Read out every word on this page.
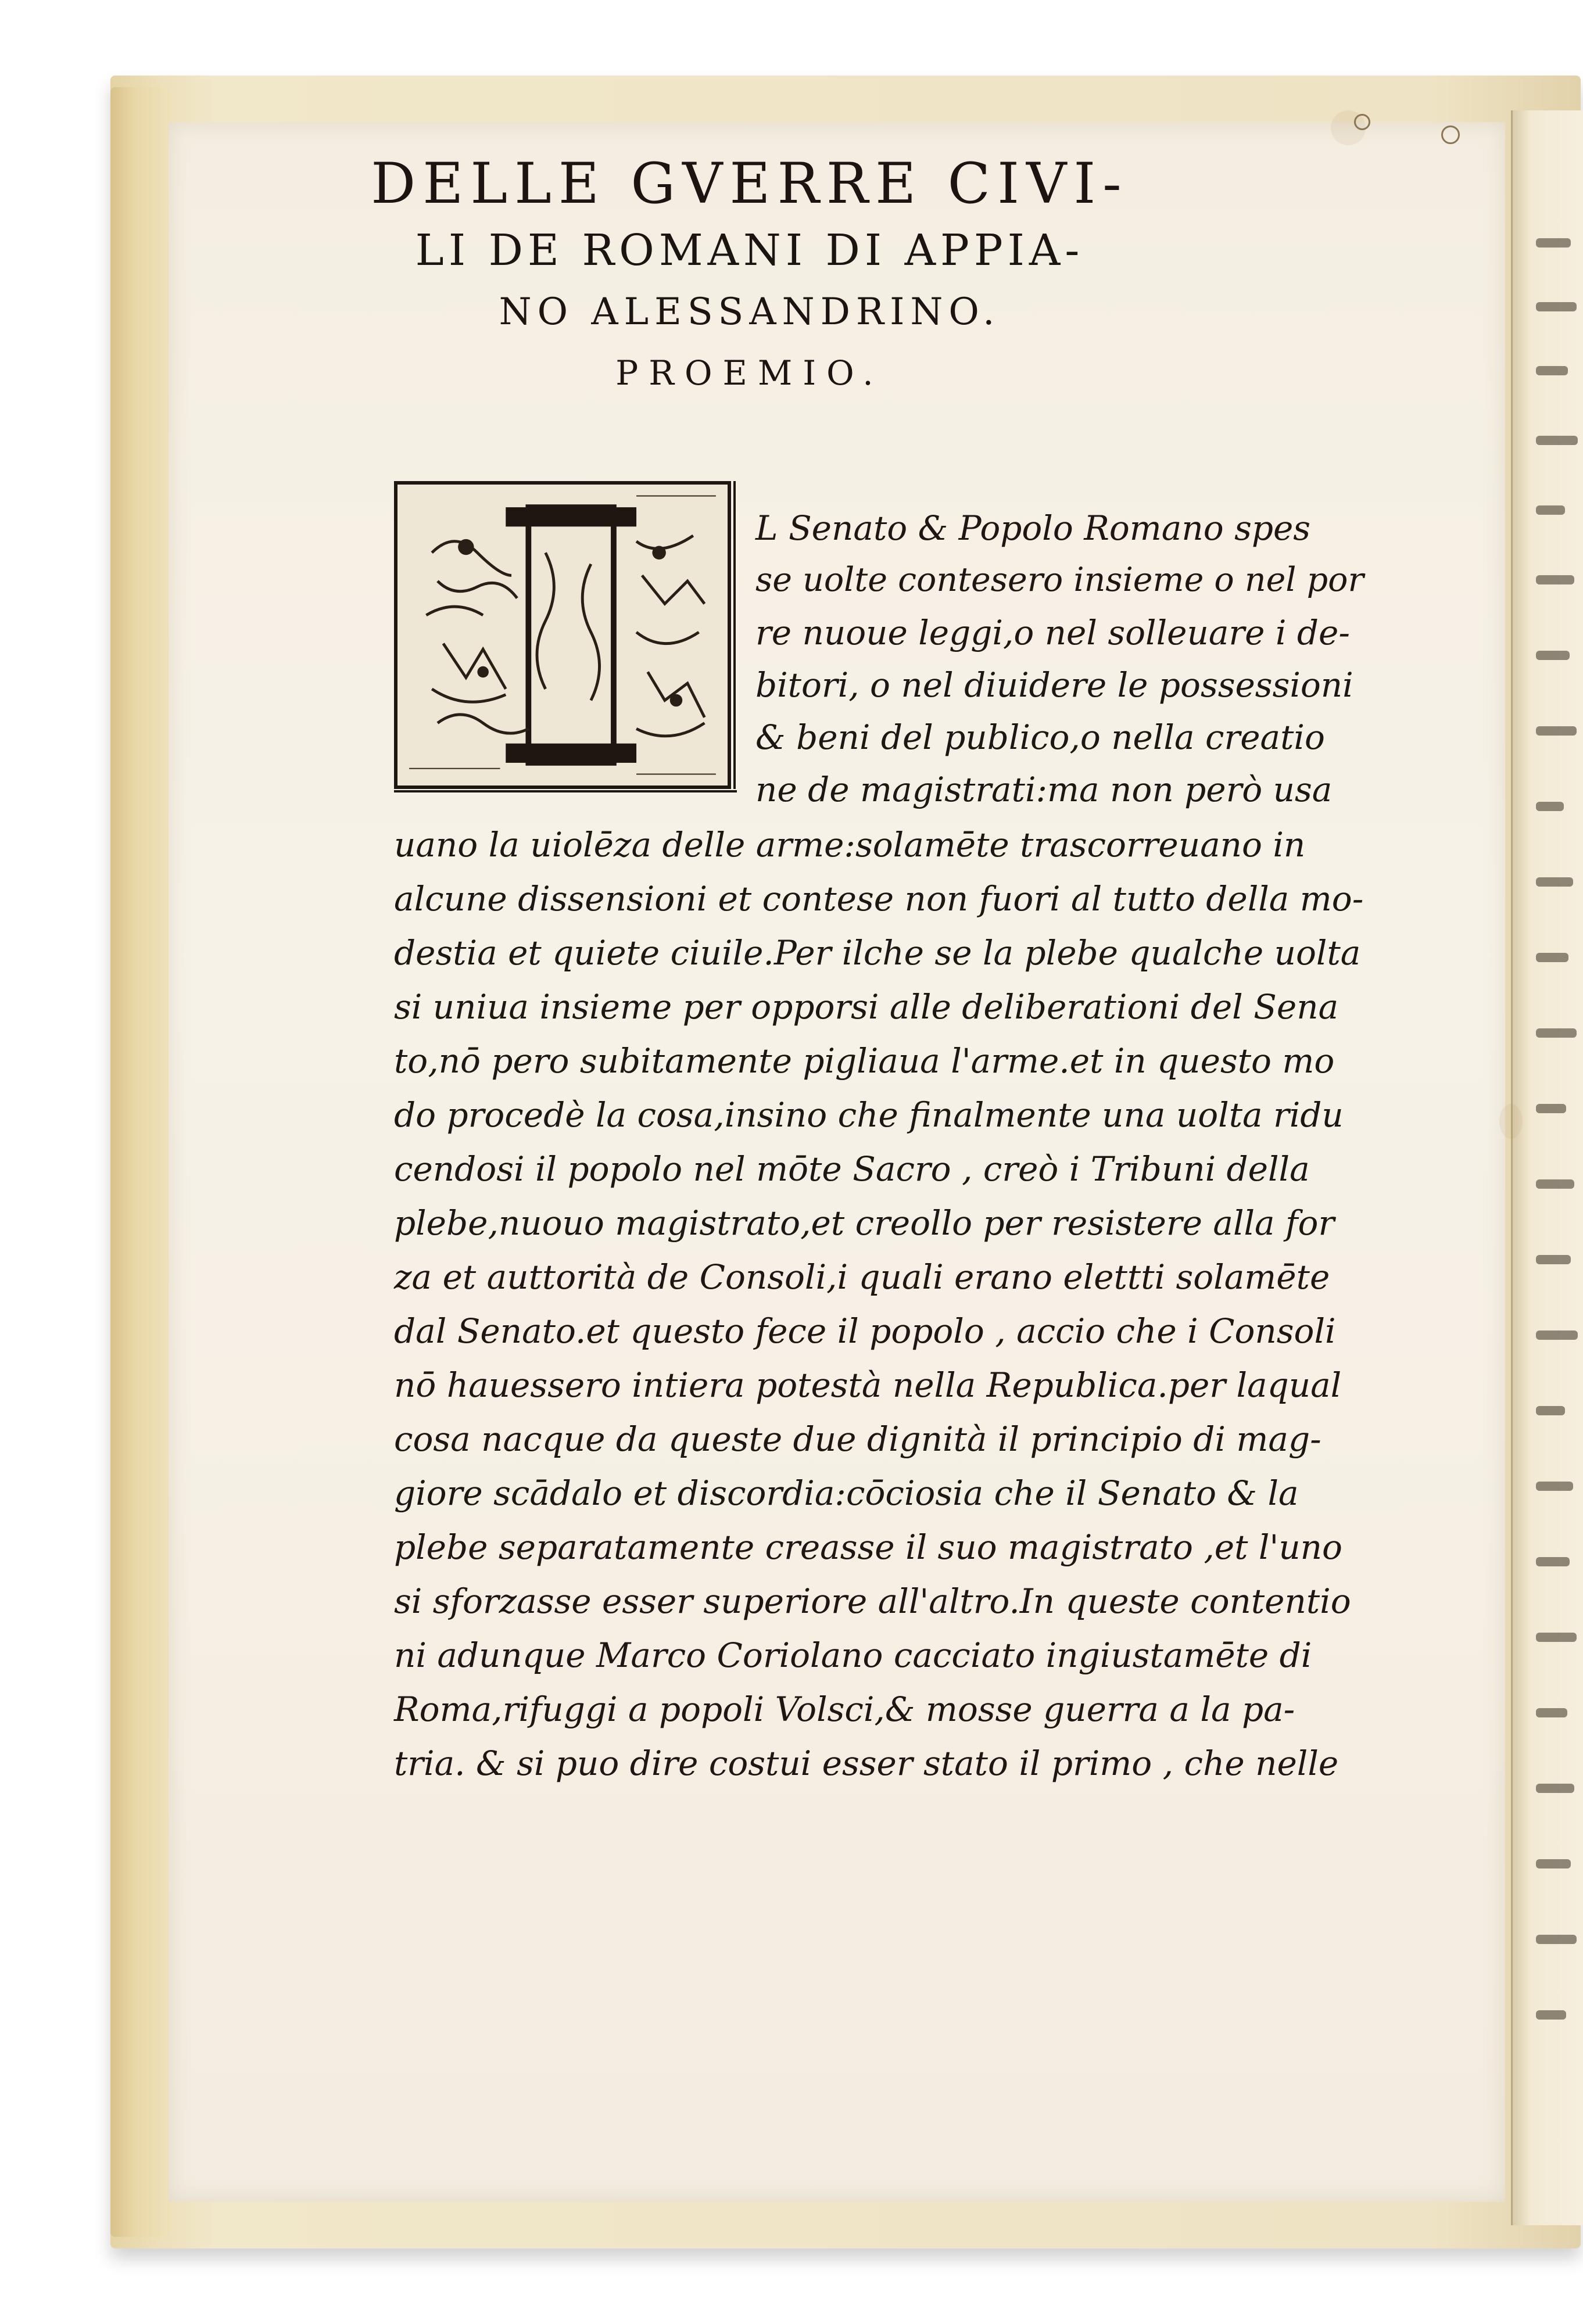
DELLE GVERRE CIVI-
LI DE ROMANI DI APPIA-
NO ALESSANDRINO.
PROEMIO.
L Senato & Popolo Romano spes
se uolte contesero insieme o nel por
re nuoue leggi,o nel solleuare i de-
bitori, o nel diuidere le possessioni
& beni del publico,o nella creatio
ne de magistrati:ma non però usa
uano la uiolēza delle arme:solamēte trascorreuano in
alcune dissensioni et contese non fuori al tutto della mo-
destia et quiete ciuile.Per ilche se la plebe qualche uolta
si uniua insieme per opporsi alle deliberationi del Sena
to,nō pero subitamente pigliaua l'arme.et in questo mo
do procedè la cosa,insino che finalmente una uolta ridu
cendosi il popolo nel mōte Sacro , creò i Tribuni della
plebe,nuouo magistrato,et creollo per resistere alla for
za et auttorità de Consoli,i quali erano elettti solamēte
dal Senato.et questo fece il popolo , accio che i Consoli
nō hauessero intiera potestà nella Republica.per laqual
cosa nacque da queste due dignità il principio di mag-
giore scādalo et discordia:cōciosia che il Senato & la
plebe separatamente creasse il suo magistrato ,et l'uno
si sforzasse esser superiore all'altro.In queste contentio
ni adunque Marco Coriolano cacciato ingiustamēte di
Roma,rifuggi a popoli Volsci,& mosse guerra a la pa-
tria. & si puo dire costui esser stato il primo , che nelle
